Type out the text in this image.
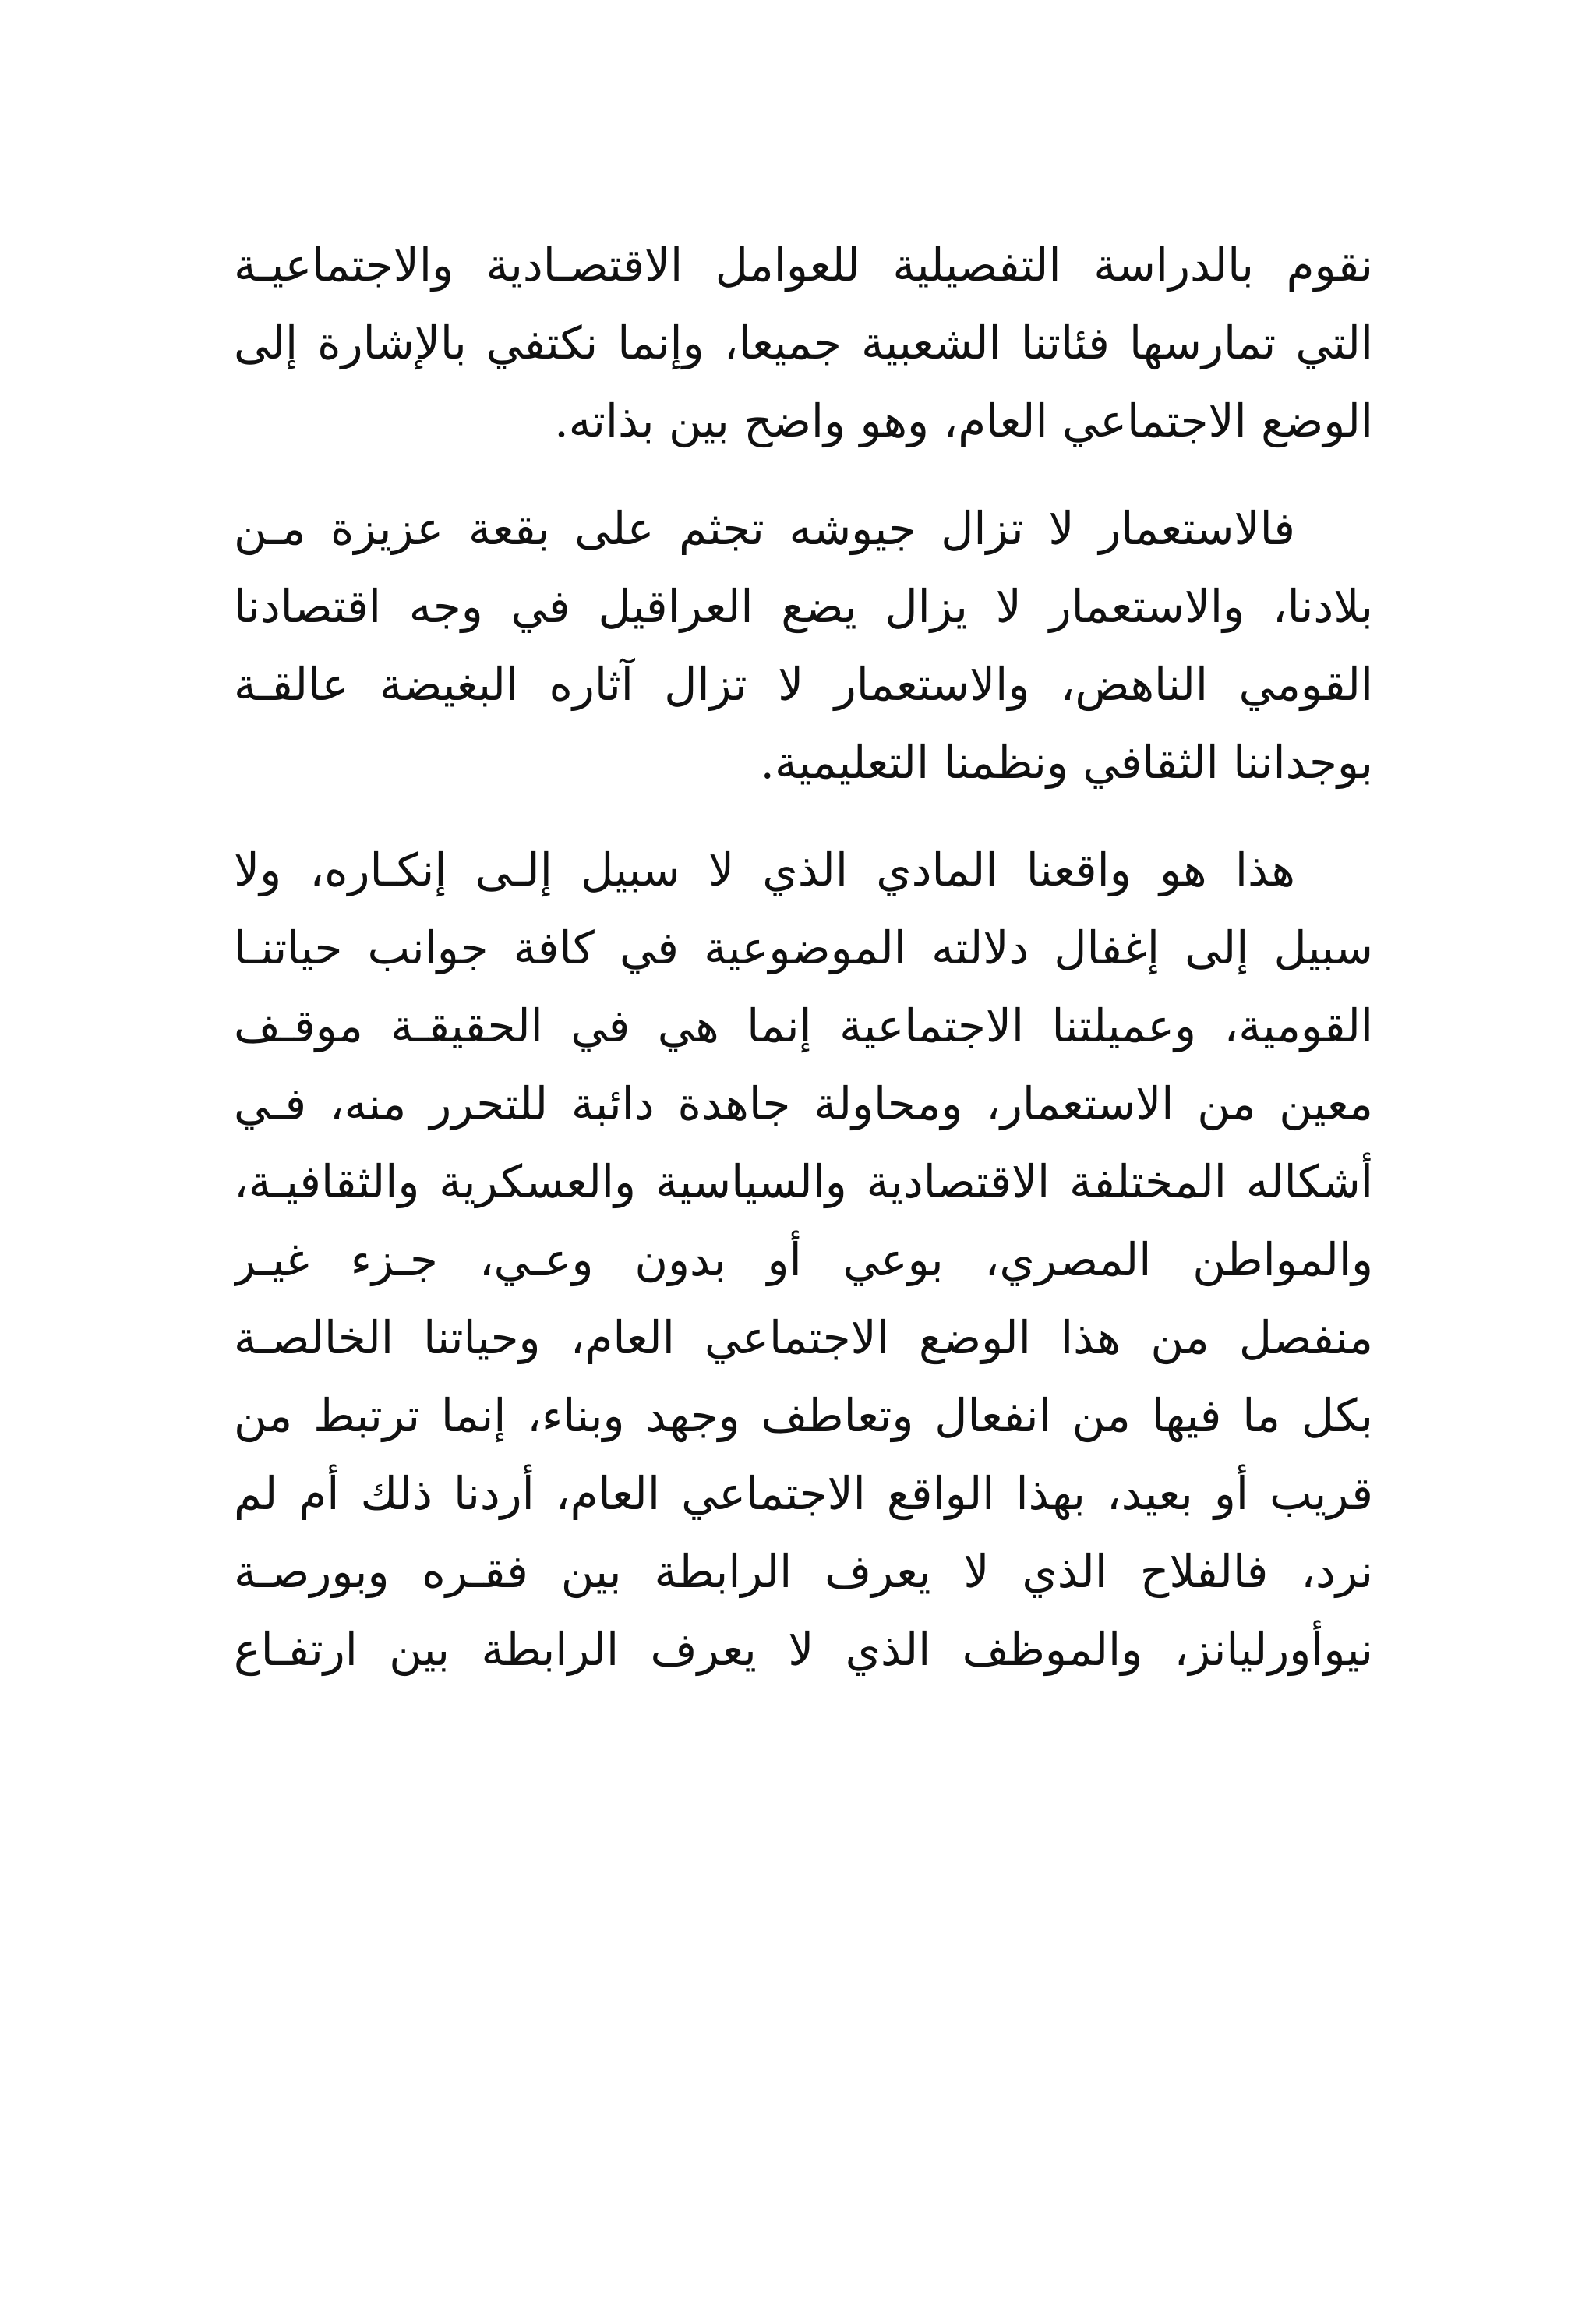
نقوم بالدراسة التفصيلية للعوامل الاقتصـادية والاجتماعيـة
التي تمارسها فئاتنا الشعبية جميعا، وإنما نكتفي بالإشارة إلى
الوضع الاجتماعي العام، وهو واضح بين بذاته.
فالاستعمار لا تزال جيوشه تجثم على بقعة عزيزة مـن
بلادنا، والاستعمار لا يزال يضع العراقيل في وجه اقتصادنا
القومي الناهض، والاستعمار لا تزال آثاره البغيضة عالقـة
بوجداننا الثقافي ونظمنا التعليمية.
هذا هو واقعنا المادي الذي لا سبيل إلـى إنكـاره، ولا
سبيل إلى إغفال دلالته الموضوعية في كافة جوانب حياتنـا
القومية، وعميلتنا الاجتماعية إنما هي في الحقيقـة موقـف
معين من الاستعمار، ومحاولة جاهدة دائبة للتحرر منه، فـي
أشكاله المختلفة الاقتصادية والسياسية والعسكرية والثقافيـة،
والمواطن المصري، بوعي أو بدون وعـي، جـزء غيـر
منفصل من هذا الوضع الاجتماعي العام، وحياتنا الخالصـة
بكل ما فيها من انفعال وتعاطف وجهد وبناء، إنما ترتبط من
قريب أو بعيد، بهذا الواقع الاجتماعي العام، أردنا ذلك أم لم
نرد، فالفلاح الذي لا يعرف الرابطة بين فقـره وبورصـة
نيوأورليانز، والموظف الذي لا يعرف الرابطة بين ارتفـاع
